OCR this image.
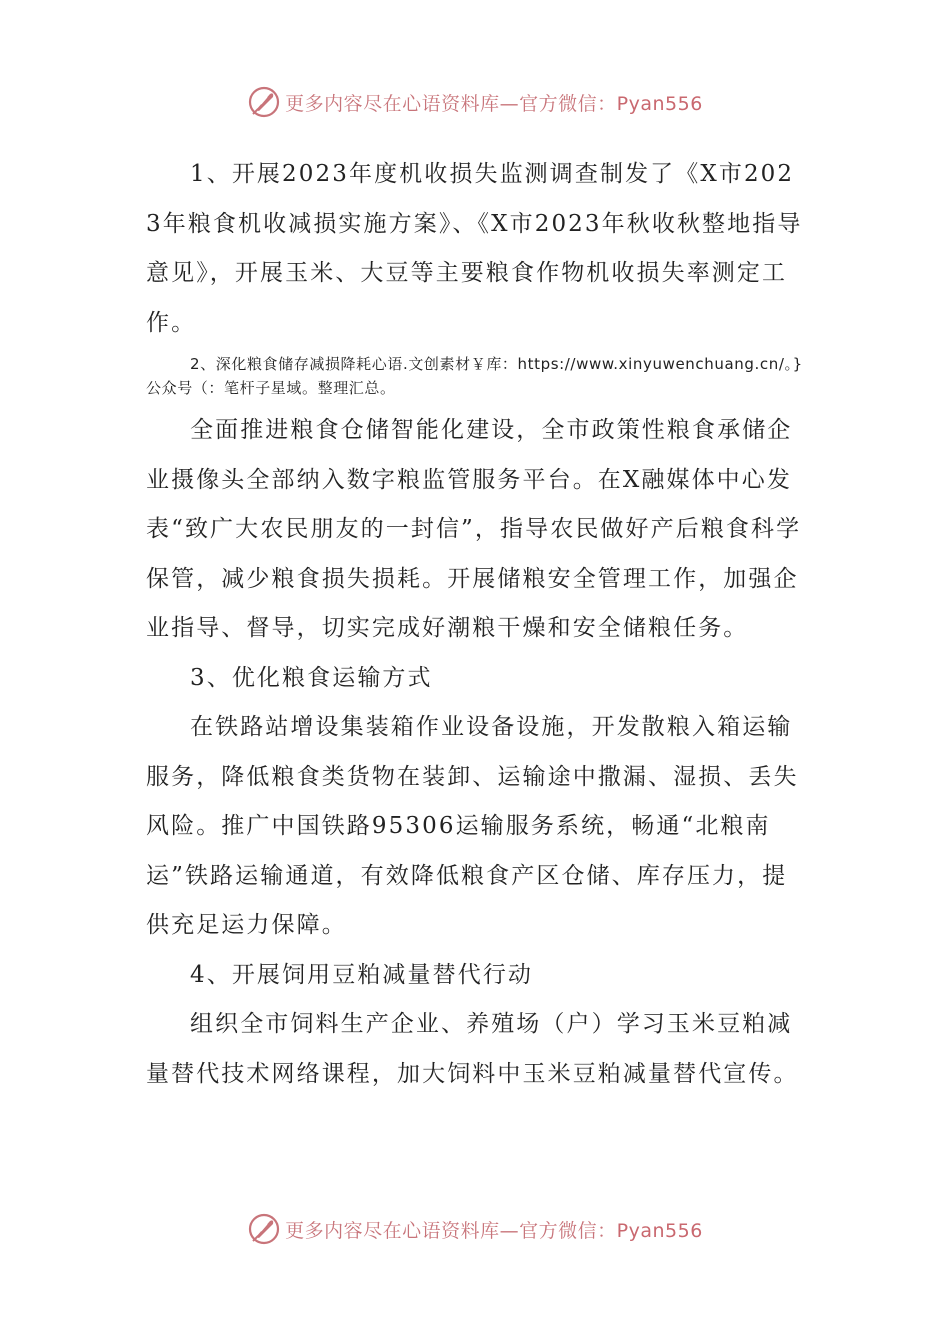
更多内容尽在心语资料库—官方微信：Pyan556

1、开展2023年度机收损失监测调查制发了《X市2023年粮食机收减损实施方案》、《X市2023年秋收秋整地指导意见》，开展玉米、大豆等主要粮食作物机收损失率测定工作。

2、深化粮食储存减损降耗心语.文创素材￥库：https://www.xinyuwenchuang.cn/。}公众号（：笔杆子星域。整理汇总。

全面推进粮食仓储智能化建设，全市政策性粮食承储企业摄像头全部纳入数字粮监管服务平台。在X融媒体中心发表“致广大农民朋友的一封信”，指导农民做好产后粮食科学保管，减少粮食损失损耗。开展储粮安全管理工作，加强企业指导、督导，切实完成好潮粮干燥和安全储粮任务。

3、优化粮食运输方式

在铁路站增设集装箱作业设备设施，开发散粮入箱运输服务，降低粮食类货物在装卸、运输途中撒漏、湿损、丢失风险。推广中国铁路95306运输服务系统，畅通“北粮南运”铁路运输通道，有效降低粮食产区仓储、库存压力，提供充足运力保障。

4、开展饲用豆粕减量替代行动

组织全市饲料生产企业、养殖场（户）学习玉米豆粕减量替代技术网络课程，加大饲料中玉米豆粕减量替代宣传。

更多内容尽在心语资料库—官方微信：Pyan556
